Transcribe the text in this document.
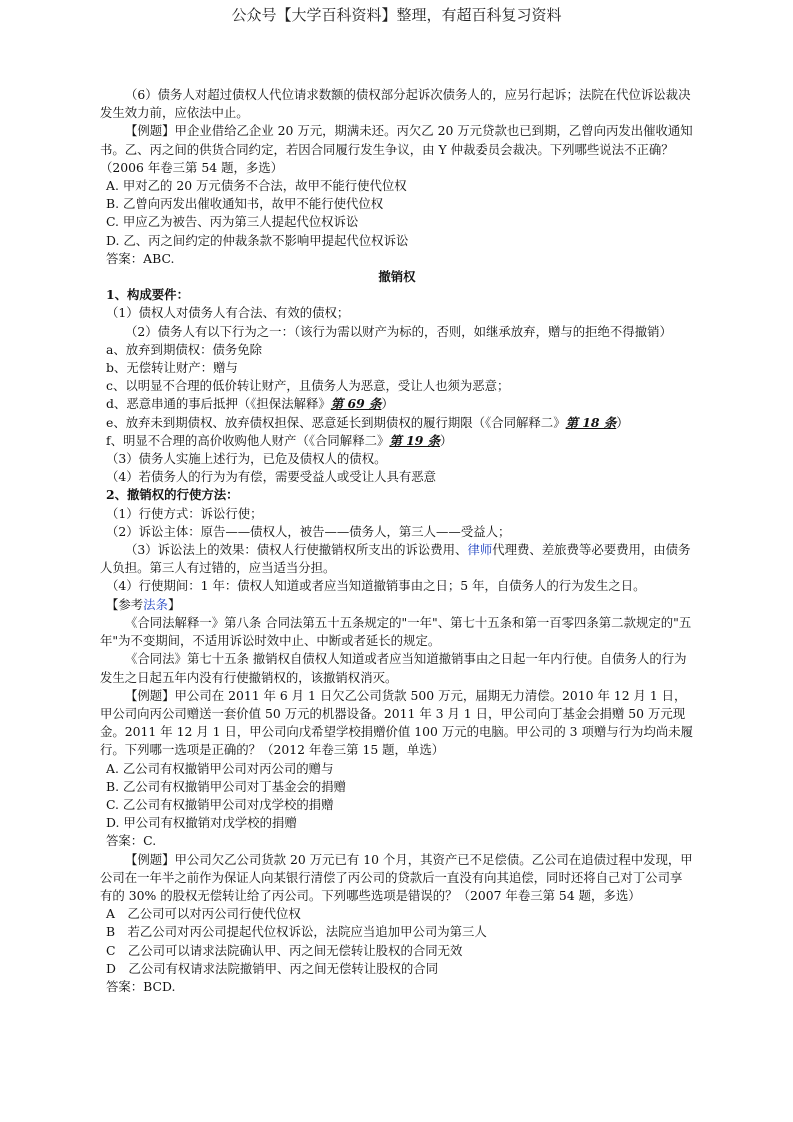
公众号【大学百科资料】整理，有超百科复习资料

（6）债务人对超过债权人代位请求数额的债权部分起诉次债务人的，应另行起诉；法院在代位诉讼裁决发生效力前，应依法中止。

【例题】甲企业借给乙企业 20 万元，期满未还。丙欠乙 20 万元贷款也已到期，乙曾向丙发出催收通知书。乙、丙之间的供货合同约定，若因合同履行发生争议，由 Y 仲裁委员会裁决。下列哪些说法不正确？（2006 年卷三第 54 题，多选）

A. 甲对乙的 20 万元债务不合法，故甲不能行使代位权

B. 乙曾向丙发出催收通知书，故甲不能行使代位权

C. 甲应乙为被告、丙为第三人提起代位权诉讼

D. 乙、丙之间约定的仲裁条款不影响甲提起代位权诉讼

答案：ABC.

撤销权

1、构成要件：

（1）债权人对债务人有合法、有效的债权；

（2）债务人有以下行为之一：（该行为需以财产为标的，否则，如继承放弃，赠与的拒绝不得撤销）

a、放弃到期债权：债务免除

b、无偿转让财产：赠与

c、以明显不合理的低价转让财产，且债务人为恶意，受让人也须为恶意；

d、恶意串通的事后抵押（《担保法解释》第 69 条）

e、放弃未到期债权、放弃债权担保、恶意延长到期债权的履行期限（《合同解释二》第 18 条）

f、明显不合理的高价收购他人财产（《合同解释二》第 19 条）

（3）债务人实施上述行为，已危及债权人的债权。

（4）若债务人的行为为有偿，需要受益人或受让人具有恶意

2、撤销权的行使方法：

（1）行使方式：诉讼行使；

（2）诉讼主体：原告——债权人，被告——债务人，第三人——受益人；

（3）诉讼法上的效果：债权人行使撤销权所支出的诉讼费用、律师代理费、差旅费等必要费用，由债务人负担。第三人有过错的，应当适当分担。

（4）行使期间：1 年：债权人知道或者应当知道撤销事由之日；5 年，自债务人的行为发生之日。

【参考法条】

《合同法解释一》第八条 合同法第五十五条规定的"一年"、第七十五条和第一百零四条第二款规定的"五年"为不变期间，不适用诉讼时效中止、中断或者延长的规定。

《合同法》第七十五条 撤销权自债权人知道或者应当知道撤销事由之日起一年内行使。自债务人的行为发生之日起五年内没有行使撤销权的，该撤销权消灭。

【例题】甲公司在 2011 年 6 月 1 日欠乙公司货款 500 万元，届期无力清偿。2010 年 12 月 1 日，甲公司向丙公司赠送一套价值 50 万元的机器设备。2011 年 3 月 1 日，甲公司向丁基金会捐赠 50 万元现金。2011 年 12 月 1 日，甲公司向戊希望学校捐赠价值 100 万元的电脑。甲公司的 3 项赠与行为均尚未履行。下列哪一选项是正确的？（2012 年卷三第 15 题，单选）

A. 乙公司有权撤销甲公司对丙公司的赠与

B. 乙公司有权撤销甲公司对丁基金会的捐赠

C. 乙公司有权撤销甲公司对戊学校的捐赠

D. 甲公司有权撤销对戊学校的捐赠

答案：C.

【例题】甲公司欠乙公司货款 20 万元已有 10 个月，其资产已不足偿债。乙公司在追债过程中发现，甲公司在一年半之前作为保证人向某银行清偿了丙公司的贷款后一直没有向其追偿，同时还将自己对丁公司享有的 30% 的股权无偿转让给了丙公司。下列哪些选项是错误的？（2007 年卷三第 54 题，多选）

A　乙公司可以对丙公司行使代位权

B　若乙公司对丙公司提起代位权诉讼，法院应当追加甲公司为第三人

C　乙公司可以请求法院确认甲、丙之间无偿转让股权的合同无效

D　乙公司有权请求法院撤销甲、丙之间无偿转让股权的合同

答案：BCD.
